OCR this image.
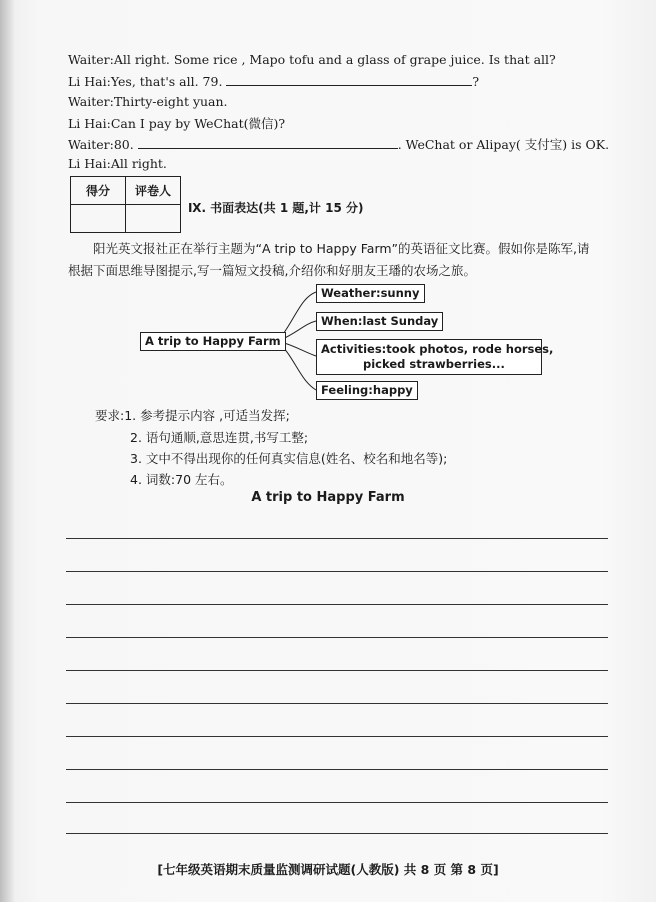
Waiter:All right. Some rice , Mapo tofu and a glass of grape juice. Is that all?
Li Hai:Yes, that's all. 79.	?
Waiter:Thirty-eight yuan.
Li Hai:Can I pay by WeChat(微信)?
Waiter:80.	. WeChat or Alipay( 支付宝) is OK.
Li Hai:All right.
得分	评卷人

Ⅸ. 书面表达(共 1 题,计 15 分)
阳光英文报社正在举行主题为“A trip to Happy Farm”的英语征文比赛。假如你是陈军,请根据下面思维导图提示,写一篇短文投稿,介绍你和好朋友王璠的农场之旅。
A trip to Happy Farm
Weather:sunny
When:last Sunday
Activities:took photos, rode horses,
picked strawberries...
Feeling:happy
要求:1. 参考提示内容 ,可适当发挥;
2. 语句通顺,意思连贯,书写工整;
3. 文中不得出现你的任何真实信息(姓名、校名和地名等);
4. 词数:70 左右。
A trip to Happy Farm
[七年级英语期末质量监测调研试题(人教版) 共 8 页 第 8 页]
